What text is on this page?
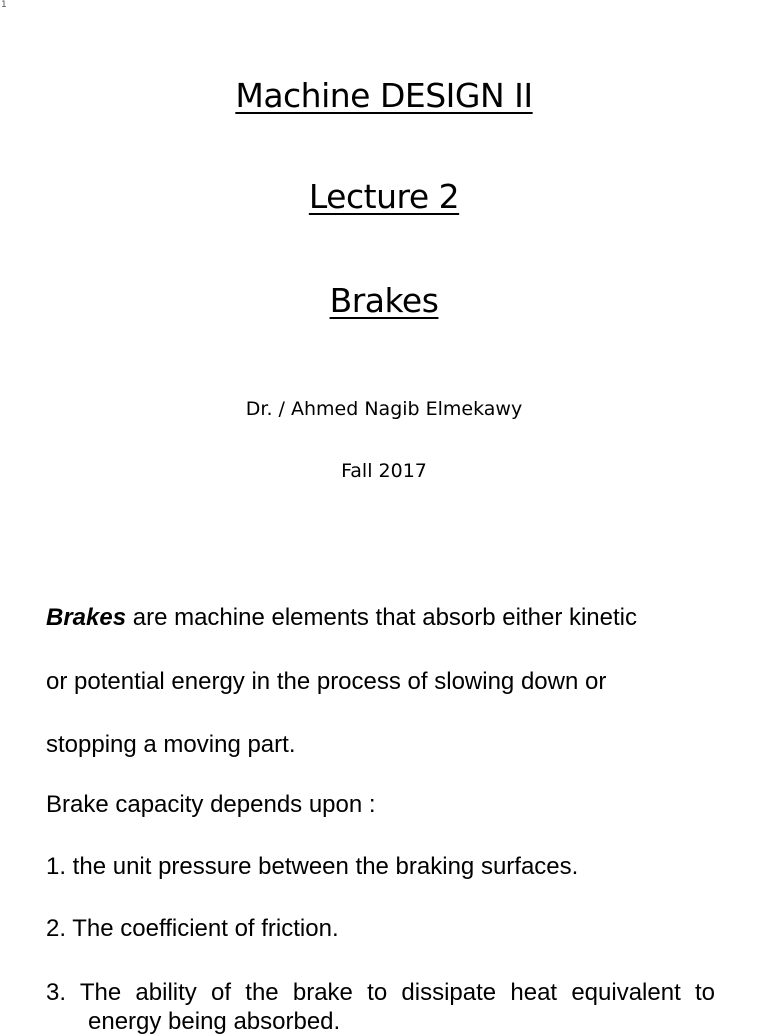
1
Machine DESIGN II
Lecture 2
Brakes
Dr. / Ahmed Nagib Elmekawy
Fall 2017
Brakes are machine elements that absorb either kinetic
or potential energy in the process of slowing down or
stopping a moving part.
Brake capacity depends upon :
1. the unit pressure between the braking surfaces.
2. The coefficient of friction.
3. The ability of the brake to dissipate heat equivalent to
energy being absorbed.
